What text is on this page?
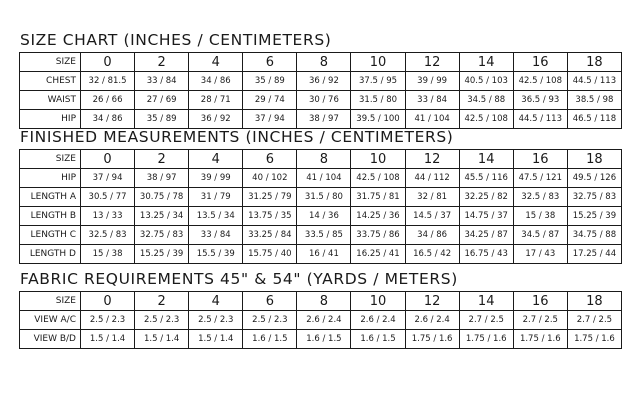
SIZE CHART (INCHES / CENTIMETERS)
SIZE	0	2	4	6	8	10	12	14	16	18
CHEST	32 / 81.5	33 / 84	34 / 86	35 / 89	36 / 92	37.5 / 95	39 / 99	40.5 / 103	42.5 / 108	44.5 / 113
WAIST	26 / 66	27 / 69	28 / 71	29 / 74	30 / 76	31.5 / 80	33 / 84	34.5 / 88	36.5 / 93	38.5 / 98
HIP	34 / 86	35 / 89	36 / 92	37 / 94	38 / 97	39.5 / 100	41 / 104	42.5 / 108	44.5 / 113	46.5 / 118
FINISHED MEASUREMENTS (INCHES / CENTIMETERS)
SIZE	0	2	4	6	8	10	12	14	16	18
HIP	37 / 94	38 / 97	39 / 99	40 / 102	41 / 104	42.5 / 108	44 / 112	45.5 / 116	47.5 / 121	49.5 / 126
LENGTH A	30.5 / 77	30.75 / 78	31 / 79	31.25 / 79	31.5 / 80	31.75 / 81	32 / 81	32.25 / 82	32.5 / 83	32.75 / 83
LENGTH B	13 / 33	13.25 / 34	13.5 / 34	13.75 / 35	14 / 36	14.25 / 36	14.5 / 37	14.75 / 37	15 / 38	15.25 / 39
LENGTH C	32.5 / 83	32.75 / 83	33 / 84	33.25 / 84	33.5 / 85	33.75 / 86	34 / 86	34.25 / 87	34.5 / 87	34.75 / 88
LENGTH D	15 / 38	15.25 / 39	15.5 / 39	15.75 / 40	16 / 41	16.25 / 41	16.5 / 42	16.75 / 43	17 / 43	17.25 / 44
FABRIC REQUIREMENTS 45" & 54" (YARDS / METERS)
SIZE	0	2	4	6	8	10	12	14	16	18
VIEW A/C	2.5 / 2.3	2.5 / 2.3	2.5 / 2.3	2.5 / 2.3	2.6 / 2.4	2.6 / 2.4	2.6 / 2.4	2.7 / 2.5	2.7 / 2.5	2.7 / 2.5
VIEW B/D	1.5 / 1.4	1.5 / 1.4	1.5 / 1.4	1.6 / 1.5	1.6 / 1.5	1.6 / 1.5	1.75 / 1.6	1.75 / 1.6	1.75 / 1.6	1.75 / 1.6
